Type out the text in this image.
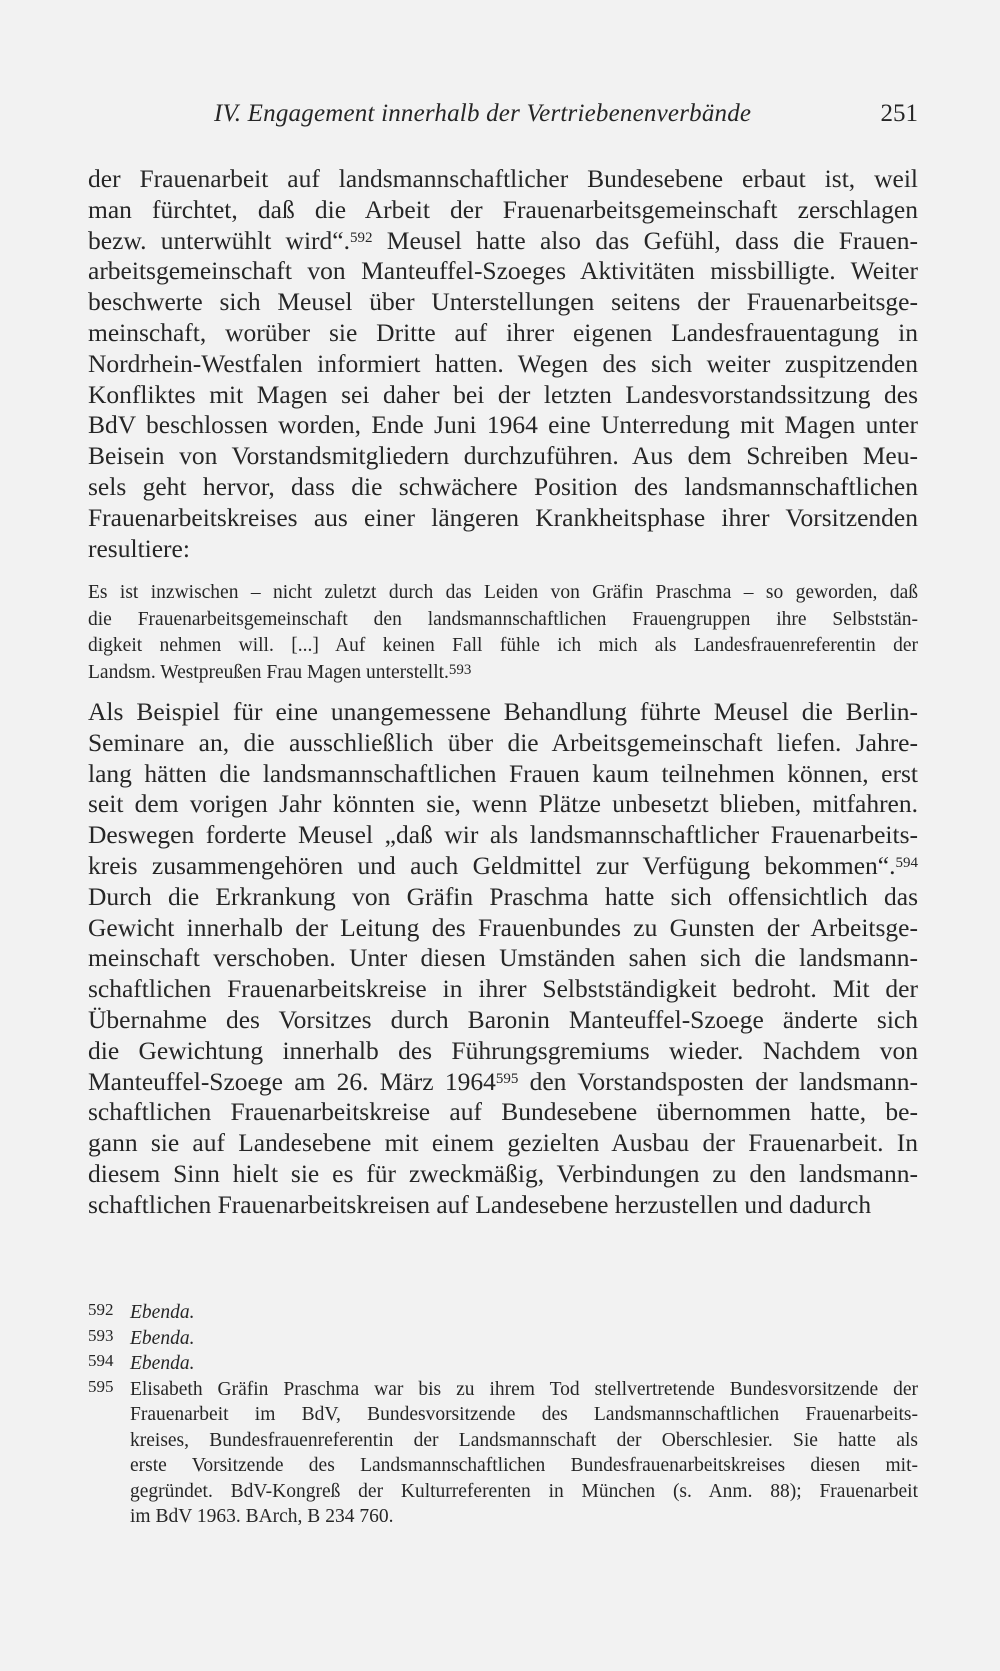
IV. Engagement innerhalb der Vertriebenenverbände	251
der Frauenarbeit auf landsmannschaftlicher Bundesebene erbaut ist, weil
man fürchtet, daß die Arbeit der Frauenarbeitsgemeinschaft zerschlagen
bezw. unterwühlt wird“.$^{592}$ Meusel hatte also das Gefühl, dass die Frauen-
arbeitsgemeinschaft von Manteuffel-Szoeges Aktivitäten missbilligte. Weiter
beschwerte sich Meusel über Unterstellungen seitens der Frauenarbeitsge-
meinschaft, worüber sie Dritte auf ihrer eigenen Landesfrauentagung in
Nordrhein-Westfalen informiert hatten. Wegen des sich weiter zuspitzenden
Konfliktes mit Magen sei daher bei der letzten Landesvorstandssitzung des
BdV beschlossen worden, Ende Juni 1964 eine Unterredung mit Magen unter
Beisein von Vorstandsmitgliedern durchzuführen. Aus dem Schreiben Meu-
sels geht hervor, dass die schwächere Position des landsmannschaftlichen
Frauenarbeitskreises aus einer längeren Krankheitsphase ihrer Vorsitzenden
resultiere:
Es ist inzwischen – nicht zuletzt durch das Leiden von Gräfin Praschma – so geworden, daß
die Frauenarbeitsgemeinschaft den landsmannschaftlichen Frauengruppen ihre Selbststän-
digkeit nehmen will. [...] Auf keinen Fall fühle ich mich als Landesfrauenreferentin der
Landsm. Westpreußen Frau Magen unterstellt.$^{593}$
Als Beispiel für eine unangemessene Behandlung führte Meusel die Berlin-
Seminare an, die ausschließlich über die Arbeitsgemeinschaft liefen. Jahre-
lang hätten die landsmannschaftlichen Frauen kaum teilnehmen können, erst
seit dem vorigen Jahr könnten sie, wenn Plätze unbesetzt blieben, mitfahren.
Deswegen forderte Meusel „daß wir als landsmannschaftlicher Frauenarbeits-
kreis zusammengehören und auch Geldmittel zur Verfügung bekommen“.$^{594}$
Durch die Erkrankung von Gräfin Praschma hatte sich offensichtlich das
Gewicht innerhalb der Leitung des Frauenbundes zu Gunsten der Arbeitsge-
meinschaft verschoben. Unter diesen Umständen sahen sich die landsmann-
schaftlichen Frauenarbeitskreise in ihrer Selbstständigkeit bedroht. Mit der
Übernahme des Vorsitzes durch Baronin Manteuffel-Szoege änderte sich
die Gewichtung innerhalb des Führungsgremiums wieder. Nachdem von
Manteuffel-Szoege am 26. März 1964$^{595}$ den Vorstandsposten der landsmann-
schaftlichen Frauenarbeitskreise auf Bundesebene übernommen hatte, be-
gann sie auf Landesebene mit einem gezielten Ausbau der Frauenarbeit. In
diesem Sinn hielt sie es für zweckmäßig, Verbindungen zu den landsmann-
schaftlichen Frauenarbeitskreisen auf Landesebene herzustellen und dadurch
592 Ebenda.
593 Ebenda.
594 Ebenda.
595 Elisabeth Gräfin Praschma war bis zu ihrem Tod stellvertretende Bundesvorsitzende der
Frauenarbeit im BdV, Bundesvorsitzende des Landsmannschaftlichen Frauenarbeits-
kreises, Bundesfrauenreferentin der Landsmannschaft der Oberschlesier. Sie hatte als
erste Vorsitzende des Landsmannschaftlichen Bundesfrauenarbeitskreises diesen mit-
gegründet. BdV-Kongreß der Kulturreferenten in München (s. Anm. 88); Frauenarbeit
im BdV 1963. BArch, B 234 760.
